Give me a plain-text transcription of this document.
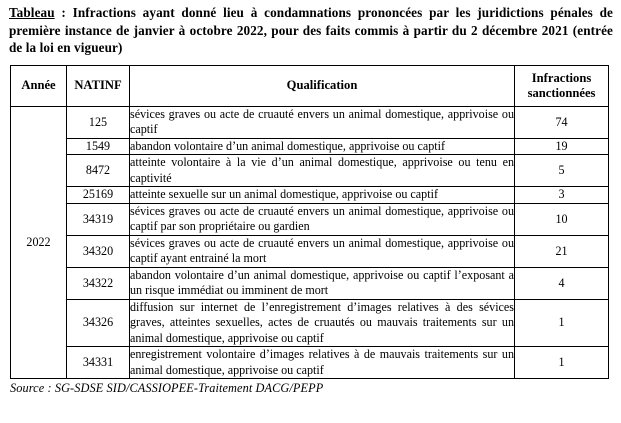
Tableau : Infractions ayant donné lieu à condamnations prononcées par les juridictions pénales de première instance de janvier à octobre 2022, pour des faits commis à partir du 2 décembre 2021 (entrée de la loi en vigueur)

Année	NATINF	Qualification	Infractions
sanctionnées
2022	125	sévices graves ou acte de cruauté envers un animal domestique, apprivoise ou captif	74
	1549	abandon volontaire d’un animal domestique, apprivoise ou captif	19
	8472	atteinte volontaire à la vie d’un animal domestique, apprivoise ou tenu en captivité	5
	25169	atteinte sexuelle sur un animal domestique, apprivoise ou captif	3
	34319	sévices graves ou acte de cruauté envers un animal domestique, apprivoise ou captif par son propriétaire ou gardien	10
	34320	sévices graves ou acte de cruauté envers un animal domestique, apprivoise ou captif ayant entrainé la mort	21
	34322	abandon volontaire d’un animal domestique, apprivoise ou captif l’exposant a un risque immédiat ou imminent de mort	4
	34326	diffusion sur internet de l’enregistrement d’images relatives à des sévices graves, atteintes sexuelles, actes de cruautés ou mauvais traitements sur un animal domestique, apprivoise ou captif	1
	34331	enregistrement volontaire d’images relatives à de mauvais traitements sur un animal domestique, apprivoise ou captif	1

Source : SG-SDSE SID/CASSIOPEE-Traitement DACG/PEPP
